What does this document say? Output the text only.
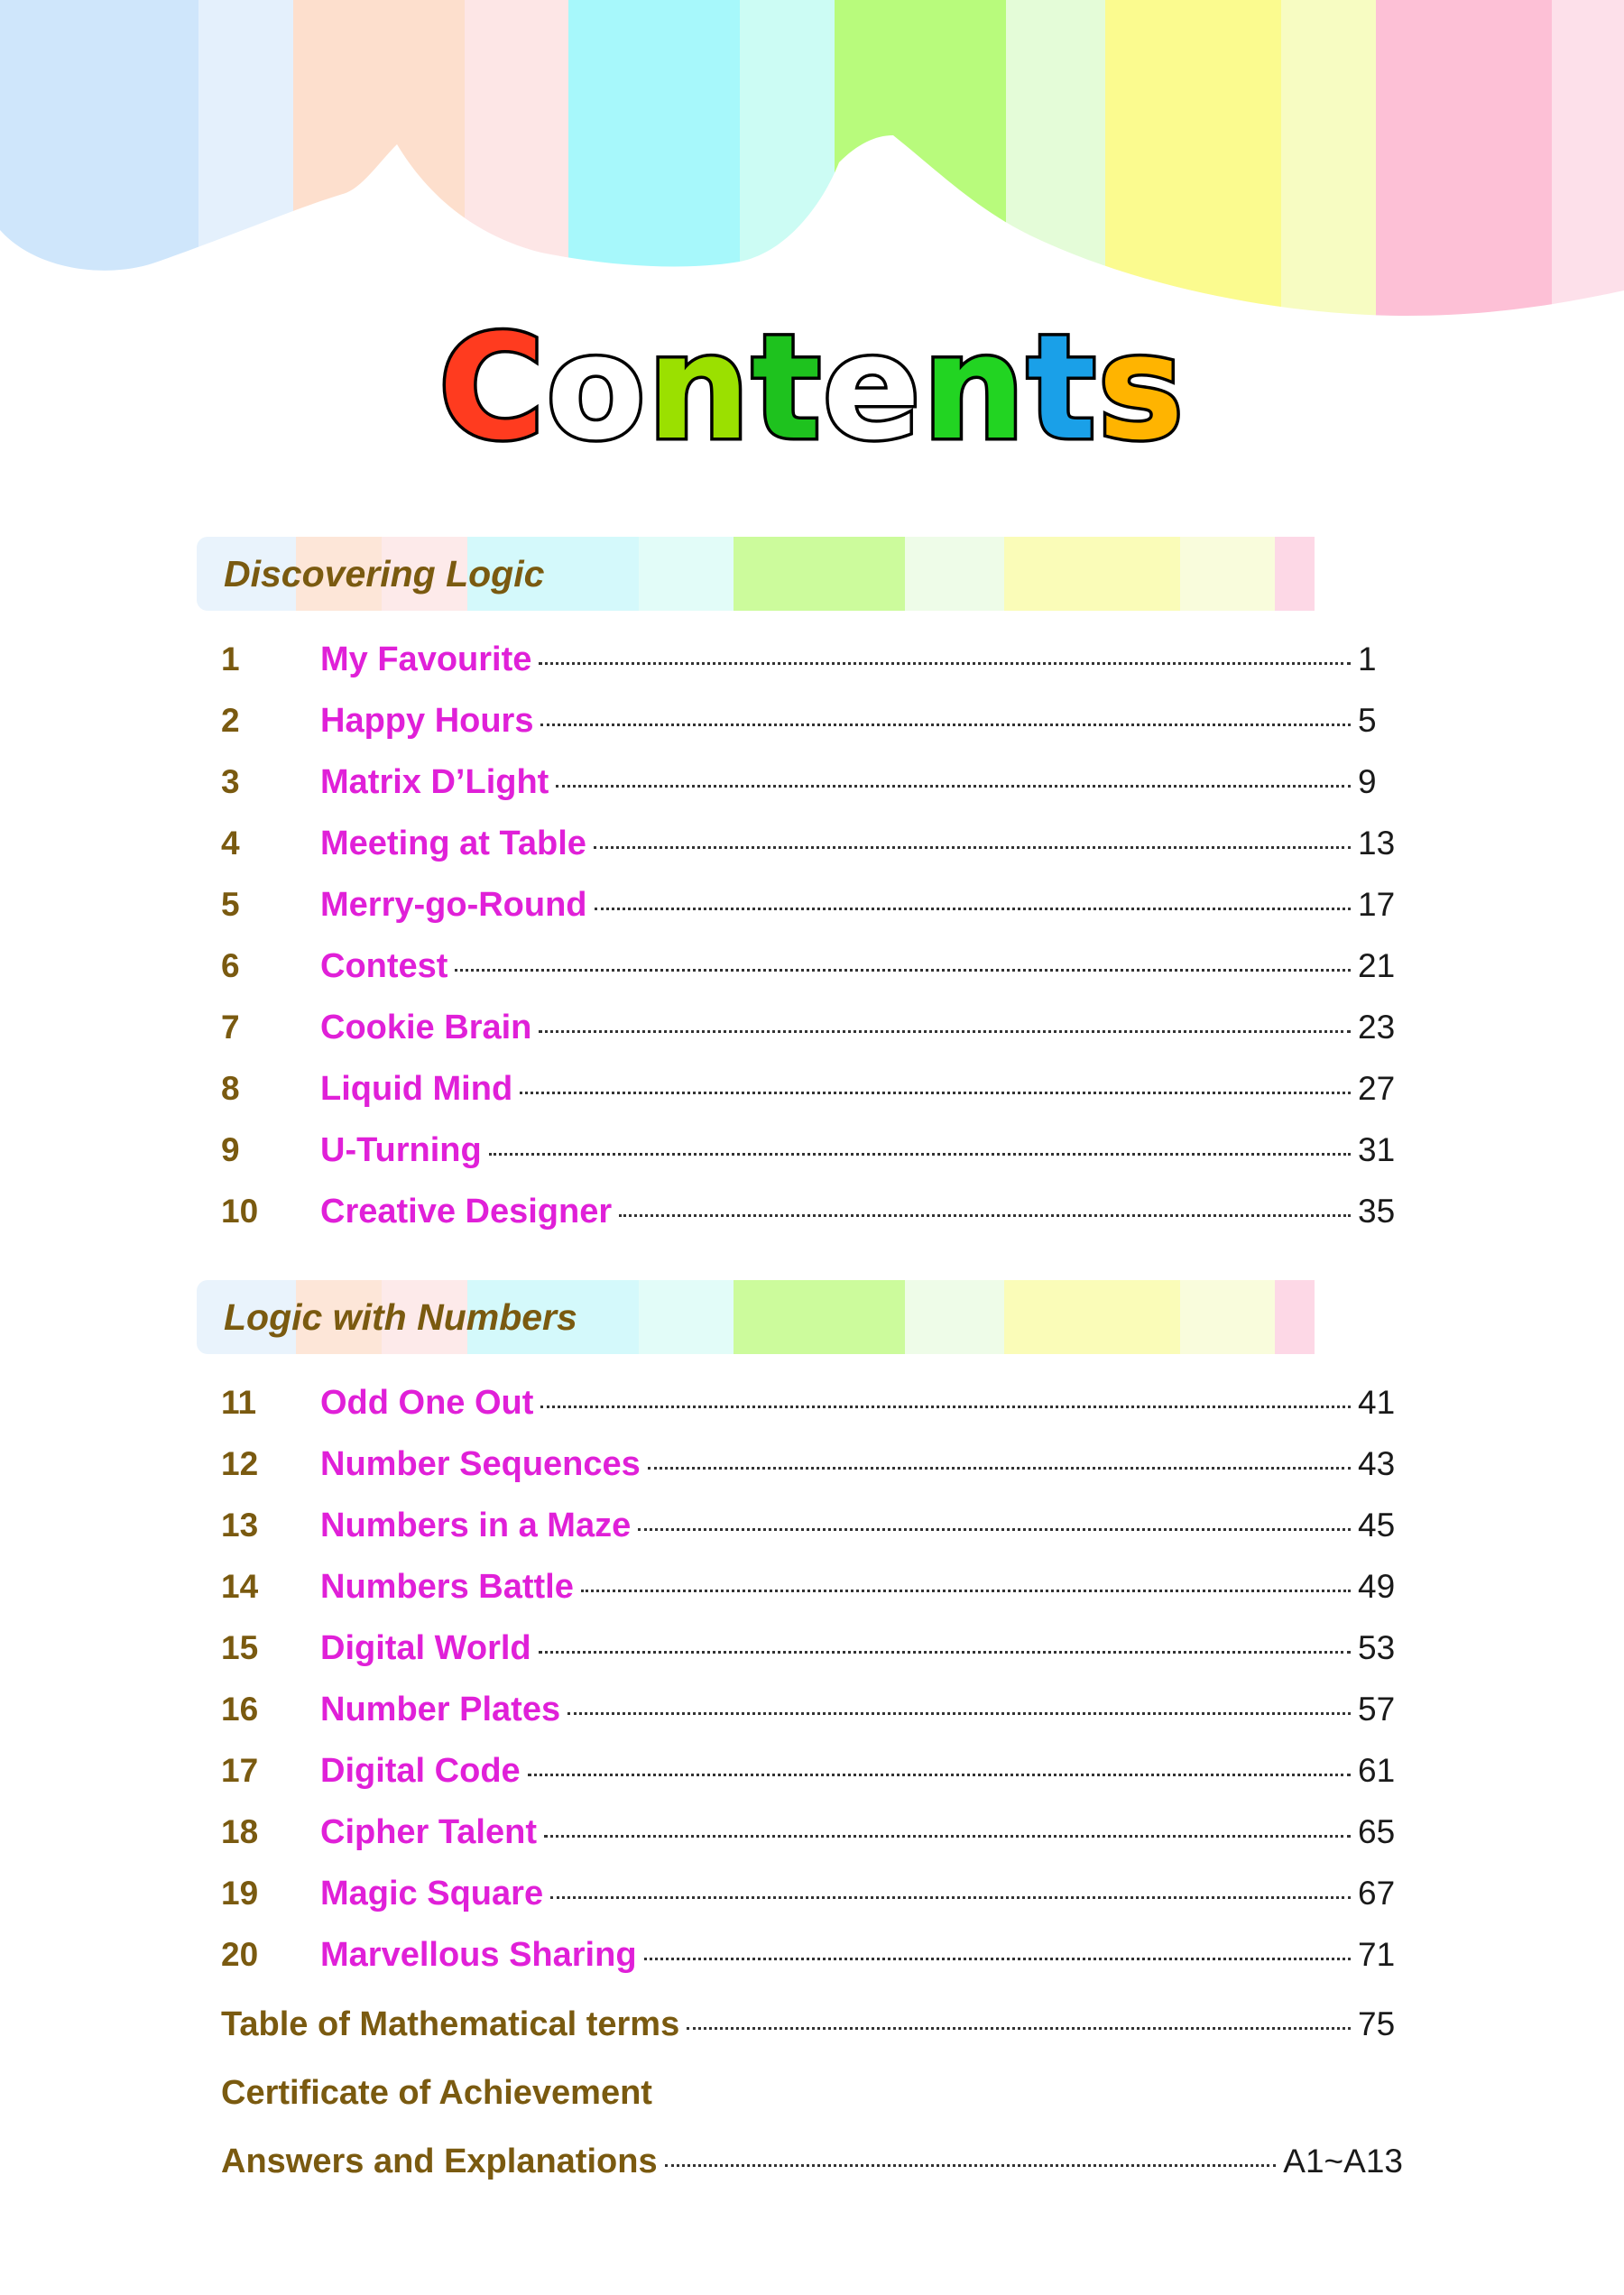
Contents
Discovering Logic
1	My Favourite	1
2	Happy Hours	5
3	Matrix D’Light	9
4	Meeting at Table	13
5	Merry-go-Round	17
6	Contest	21
7	Cookie Brain	23
8	Liquid Mind	27
9	U-Turning	31
10	Creative Designer	35
Logic with Numbers
11	Odd One Out	41
12	Number Sequences	43
13	Numbers in a Maze	45
14	Numbers Battle	49
15	Digital World	53
16	Number Plates	57
17	Digital Code	61
18	Cipher Talent	65
19	Magic Square	67
20	Marvellous Sharing	71
Table of Mathematical terms	75
Certificate of Achievement
Answers and Explanations	A1~A13
